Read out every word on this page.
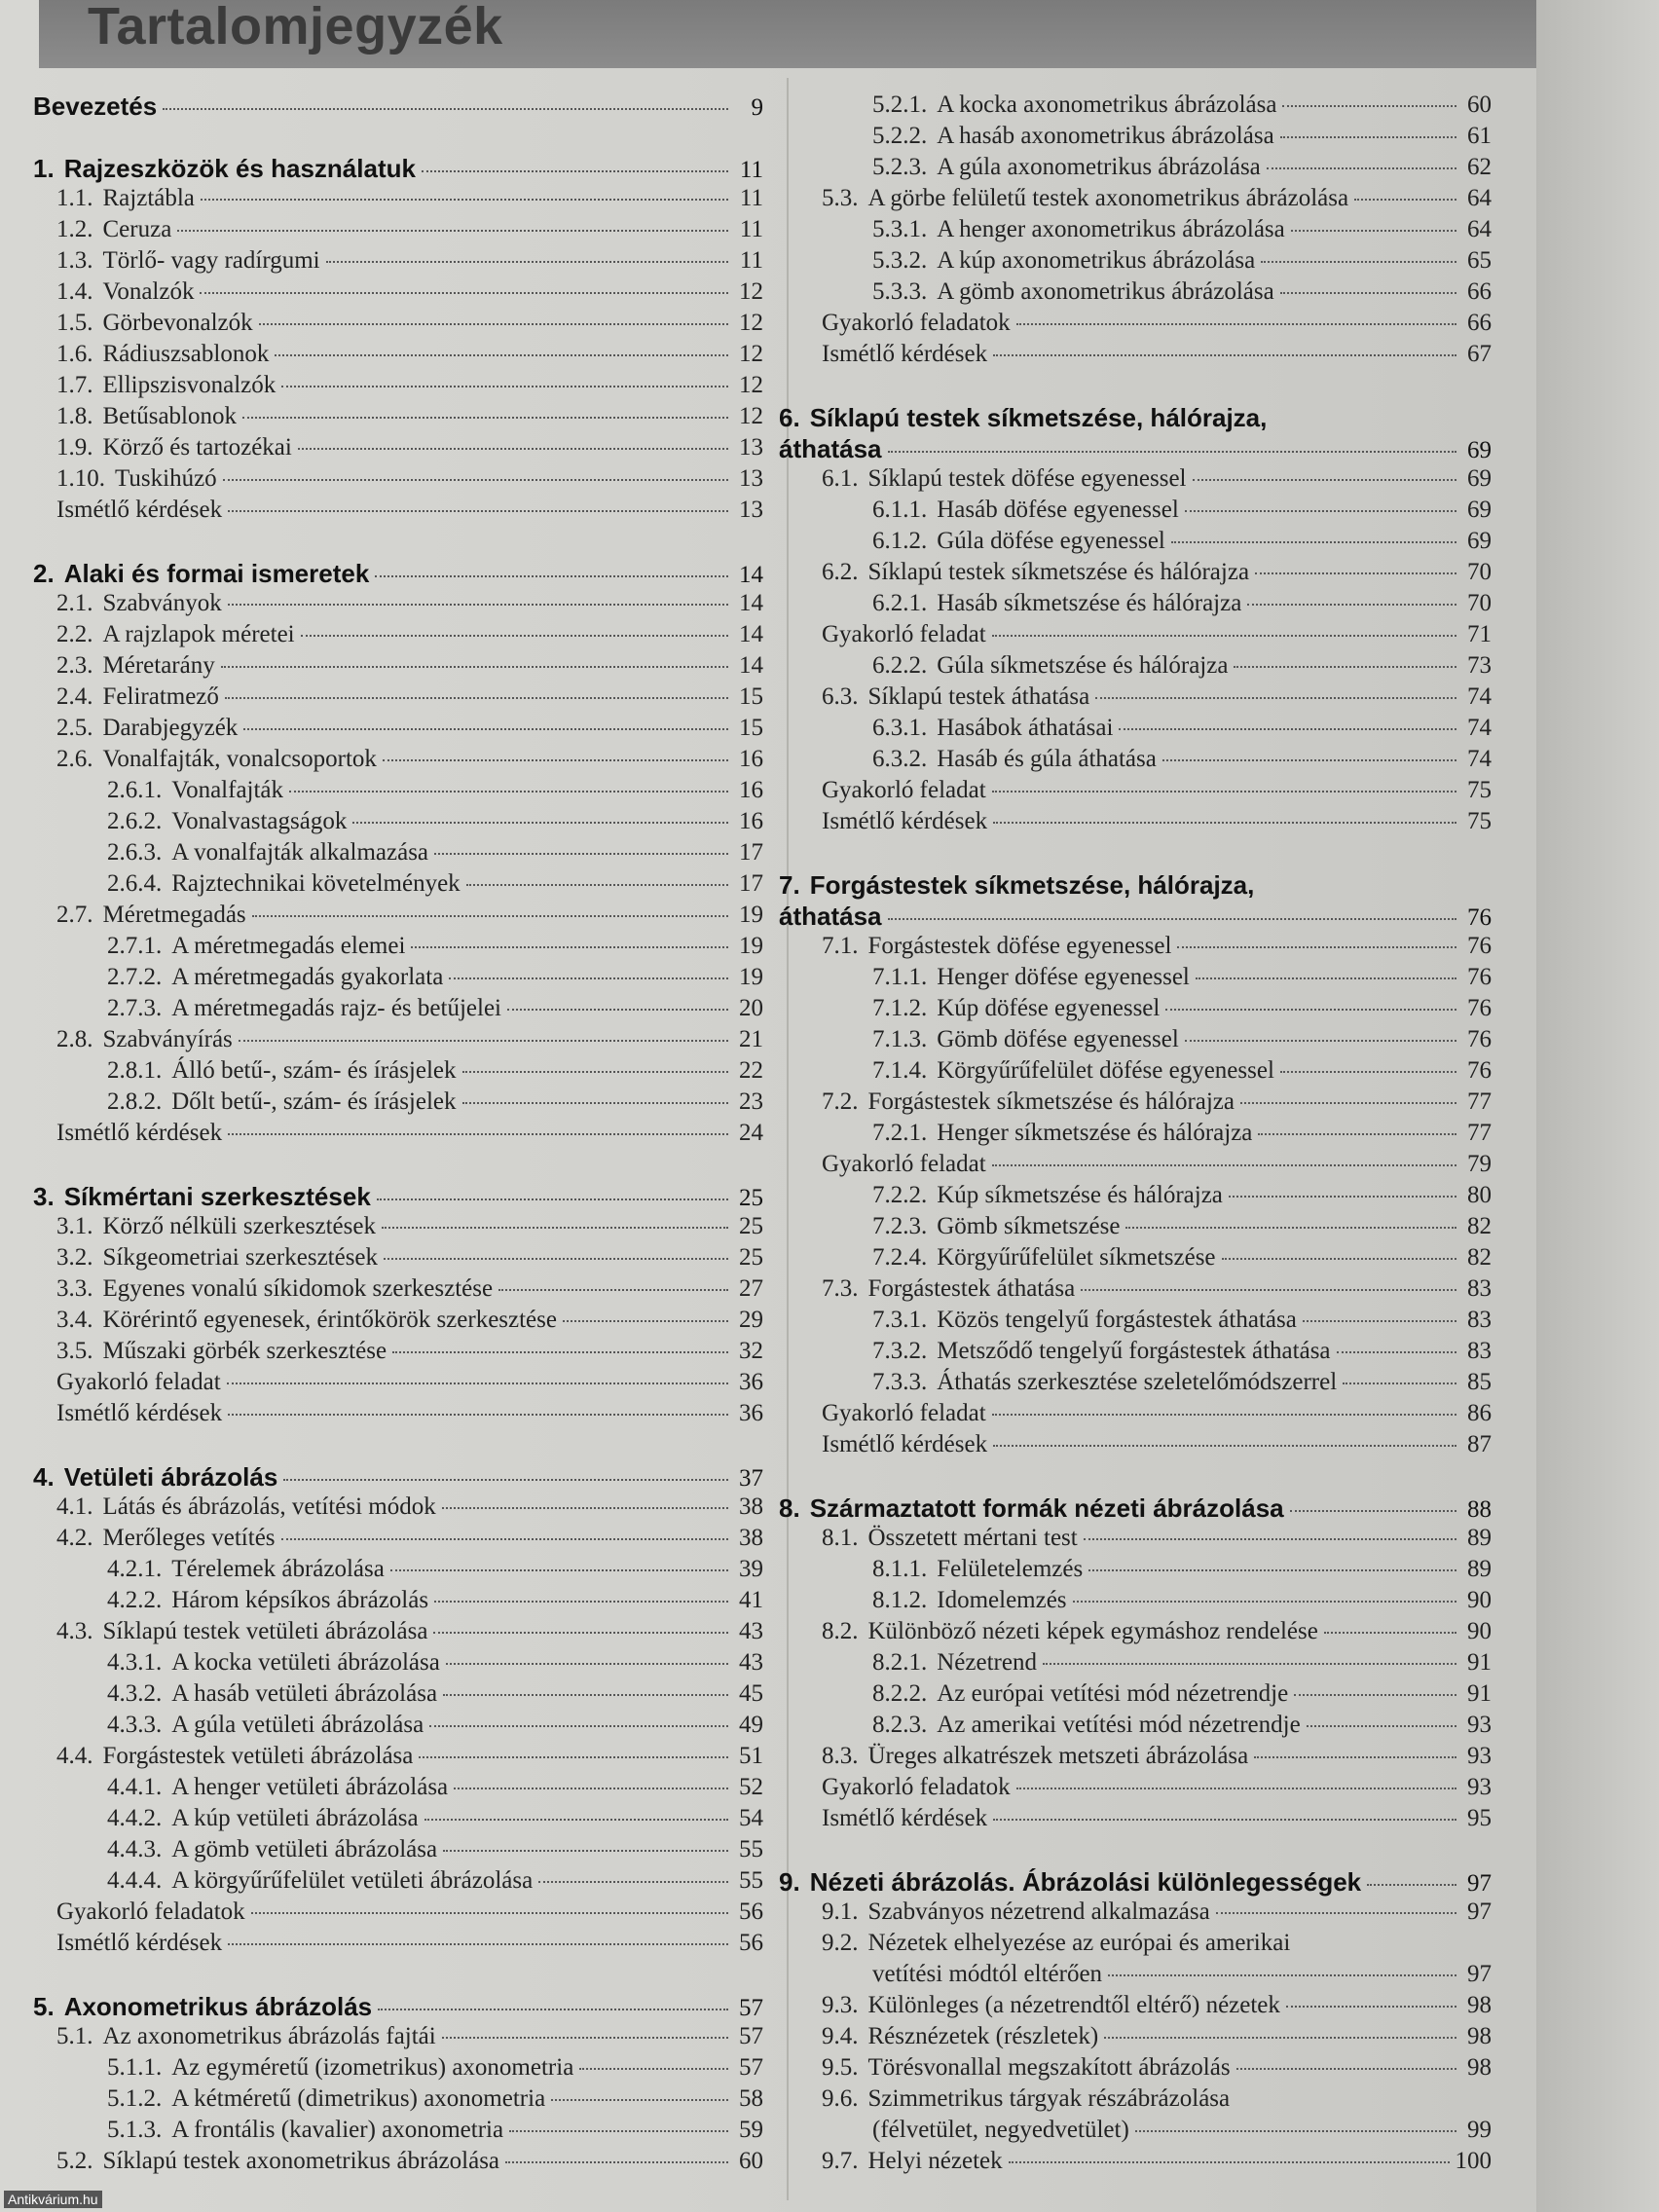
Tartalomjegyzék
Bevezetés	9
1. Rajzeszközök és használatuk	11
1.1. Rajztábla	11
1.2. Ceruza	11
1.3. Törlő- vagy radírgumi	11
1.4. Vonalzók	12
1.5. Görbevonalzók	12
1.6. Rádiuszsablonok	12
1.7. Ellipszisvonalzók	12
1.8. Betűsablonok	12
1.9. Körző és tartozékai	13
1.10. Tuskihúzó	13
Ismétlő kérdések	13
2. Alaki és formai ismeretek	14
2.1. Szabványok	14
2.2. A rajzlapok méretei	14
2.3. Méretarány	14
2.4. Feliratmező	15
2.5. Darabjegyzék	15
2.6. Vonalfajták, vonalcsoportok	16
2.6.1. Vonalfajták	16
2.6.2. Vonalvastagságok	16
2.6.3. A vonalfajták alkalmazása	17
2.6.4. Rajztechnikai követelmények	17
2.7. Méretmegadás	19
2.7.1. A méretmegadás elemei	19
2.7.2. A méretmegadás gyakorlata	19
2.7.3. A méretmegadás rajz- és betűjelei	20
2.8. Szabványírás	21
2.8.1. Álló betű-, szám- és írásjelek	22
2.8.2. Dőlt betű-, szám- és írásjelek	23
Ismétlő kérdések	24
3. Síkmértani szerkesztések	25
3.1. Körző nélküli szerkesztések	25
3.2. Síkgeometriai szerkesztések	25
3.3. Egyenes vonalú síkidomok szerkesztése	27
3.4. Körérintő egyenesek, érintőkörök szerkesztése	29
3.5. Műszaki görbék szerkesztése	32
Gyakorló feladat	36
Ismétlő kérdések	36
4. Vetületi ábrázolás	37
4.1. Látás és ábrázolás, vetítési módok	38
4.2. Merőleges vetítés	38
4.2.1. Térelemek ábrázolása	39
4.2.2. Három képsíkos ábrázolás	41
4.3. Síklapú testek vetületi ábrázolása	43
4.3.1. A kocka vetületi ábrázolása	43
4.3.2. A hasáb vetületi ábrázolása	45
4.3.3. A gúla vetületi ábrázolása	49
4.4. Forgástestek vetületi ábrázolása	51
4.4.1. A henger vetületi ábrázolása	52
4.4.2. A kúp vetületi ábrázolása	54
4.4.3. A gömb vetületi ábrázolása	55
4.4.4. A körgyűrűfelület vetületi ábrázolása	55
Gyakorló feladatok	56
Ismétlő kérdések	56
5. Axonometrikus ábrázolás	57
5.1. Az axonometrikus ábrázolás fajtái	57
5.1.1. Az egyméretű (izometrikus) axonometria	57
5.1.2. A kétméretű (dimetrikus) axonometria	58
5.1.3. A frontális (kavalier) axonometria	59
5.2. Síklapú testek axonometrikus ábrázolása	60
5.2.1. A kocka axonometrikus ábrázolása	60
5.2.2. A hasáb axonometrikus ábrázolása	61
5.2.3. A gúla axonometrikus ábrázolása	62
5.3. A görbe felületű testek axonometrikus ábrázolása	64
5.3.1. A henger axonometrikus ábrázolása	64
5.3.2. A kúp axonometrikus ábrázolása	65
5.3.3. A gömb axonometrikus ábrázolása	66
Gyakorló feladatok	66
Ismétlő kérdések	67
6. Síklapú testek síkmetszése, hálórajza,
áthatása	69
6.1. Síklapú testek döfése egyenessel	69
6.1.1. Hasáb döfése egyenessel	69
6.1.2. Gúla döfése egyenessel	69
6.2. Síklapú testek síkmetszése és hálórajza	70
6.2.1. Hasáb síkmetszése és hálórajza	70
Gyakorló feladat	71
6.2.2. Gúla síkmetszése és hálórajza	73
6.3. Síklapú testek áthatása	74
6.3.1. Hasábok áthatásai	74
6.3.2. Hasáb és gúla áthatása	74
Gyakorló feladat	75
Ismétlő kérdések	75
7. Forgástestek síkmetszése, hálórajza,
áthatása	76
7.1. Forgástestek döfése egyenessel	76
7.1.1. Henger döfése egyenessel	76
7.1.2. Kúp döfése egyenessel	76
7.1.3. Gömb döfése egyenessel	76
7.1.4. Körgyűrűfelület döfése egyenessel	76
7.2. Forgástestek síkmetszése és hálórajza	77
7.2.1. Henger síkmetszése és hálórajza	77
Gyakorló feladat	79
7.2.2. Kúp síkmetszése és hálórajza	80
7.2.3. Gömb síkmetszése	82
7.2.4. Körgyűrűfelület síkmetszése	82
7.3. Forgástestek áthatása	83
7.3.1. Közös tengelyű forgástestek áthatása	83
7.3.2. Metsződő tengelyű forgástestek áthatása	83
7.3.3. Áthatás szerkesztése szeletelőmódszerrel	85
Gyakorló feladat	86
Ismétlő kérdések	87
8. Származtatott formák nézeti ábrázolása	88
8.1. Összetett mértani test	89
8.1.1. Felületelemzés	89
8.1.2. Idomelemzés	90
8.2. Különböző nézeti képek egymáshoz rendelése	90
8.2.1. Nézetrend	91
8.2.2. Az európai vetítési mód nézetrendje	91
8.2.3. Az amerikai vetítési mód nézetrendje	93
8.3. Üreges alkatrészek metszeti ábrázolása	93
Gyakorló feladatok	93
Ismétlő kérdések	95
9. Nézeti ábrázolás. Ábrázolási különlegességek	97
9.1. Szabványos nézetrend alkalmazása	97
9.2. Nézetek elhelyezése az európai és amerikai
vetítési módtól eltérően	97
9.3. Különleges (a nézetrendtől eltérő) nézetek	98
9.4. Résznézetek (részletek)	98
9.5. Törésvonallal megszakított ábrázolás	98
9.6. Szimmetrikus tárgyak részábrázolása
(félvetület, negyedvetület)	99
9.7. Helyi nézetek	100
Antikvárium.hu
